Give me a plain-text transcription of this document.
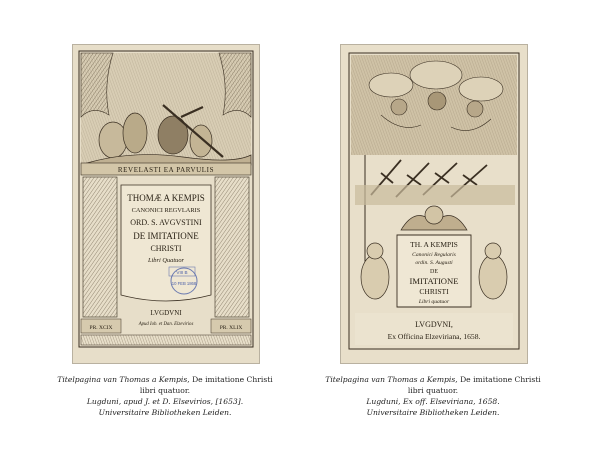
REVELASTI EA PARVULIS
PR. XCIX	PR. XLIX
THOMÆ A KEMPIS
CANONICI REGVLARIS
ORD. S. AVGVSTINI
DE IMITATIONE
CHRISTI
Libri Quatuor
VIII B
10 FEB 1868
LVGDVNI
Apud Iob. et Dan. Elzevirios
TH. A KEMPIS
Canonici Regularis
ordin. S. Augusti
DE
IMITATIONE
CHRISTI
Libri quatuor
LVGDVNI,
Ex Officina Elzeviriana, 1658.
Titelpagina van Thomas a Kempis, De imitatione Christi libri quatuor.
Lugduni, apud J. et D. Elsevirios, [1653].
Universitaire Bibliotheken Leiden.
Titelpagina van Thomas a Kempis, De imitatione Christi libri quatuor.
Lugduni, Ex off. Elseviriana, 1658.
Universitaire Bibliotheken Leiden.
